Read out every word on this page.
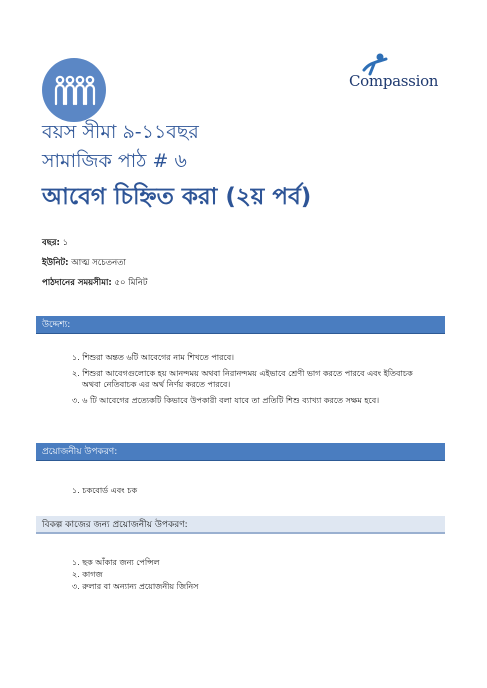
Compassion
বয়স সীমা ৯-১১বছর
সামাজিক পাঠ # ৬
আবেগ চিহ্নিত করা (২য় পর্ব)
বছর: ১
ইউনিট: আত্ম সচেতনতা
পাঠদানের সময়সীমা: ৫০ মিনিট
উদ্দেশ্য:
১. শিশুরা অন্তত ৬টি আবেগের নাম শিখতে পারবে।
২. শিশুরা আবেগগুলোকে হয় আনন্দময় অথবা নিরানন্দময় এইভাবে শ্রেণী ভাগ করতে পারবে এবং ইতিবাচক
অথবা নেতিবাচক এর অর্থ নির্ণয় করতে পারবে।
৩. ৬ টি আবেগের প্রত্যেকটি কিভাবে উপকারী বলা যাবে তা প্রতিটি শিশু ব্যাখ্যা করতে সক্ষম হবে।
প্রয়োজনীয় উপকরণ:
১. চকবোর্ড এবং চক
বিকল্প কাজের জন্য প্রয়োজনীয় উপকরণ:
১. ছক আঁকার জন্য পেন্সিল
২. কাগজ
৩. রুলার বা অন্যান্য প্রয়োজনীয় জিনিস
